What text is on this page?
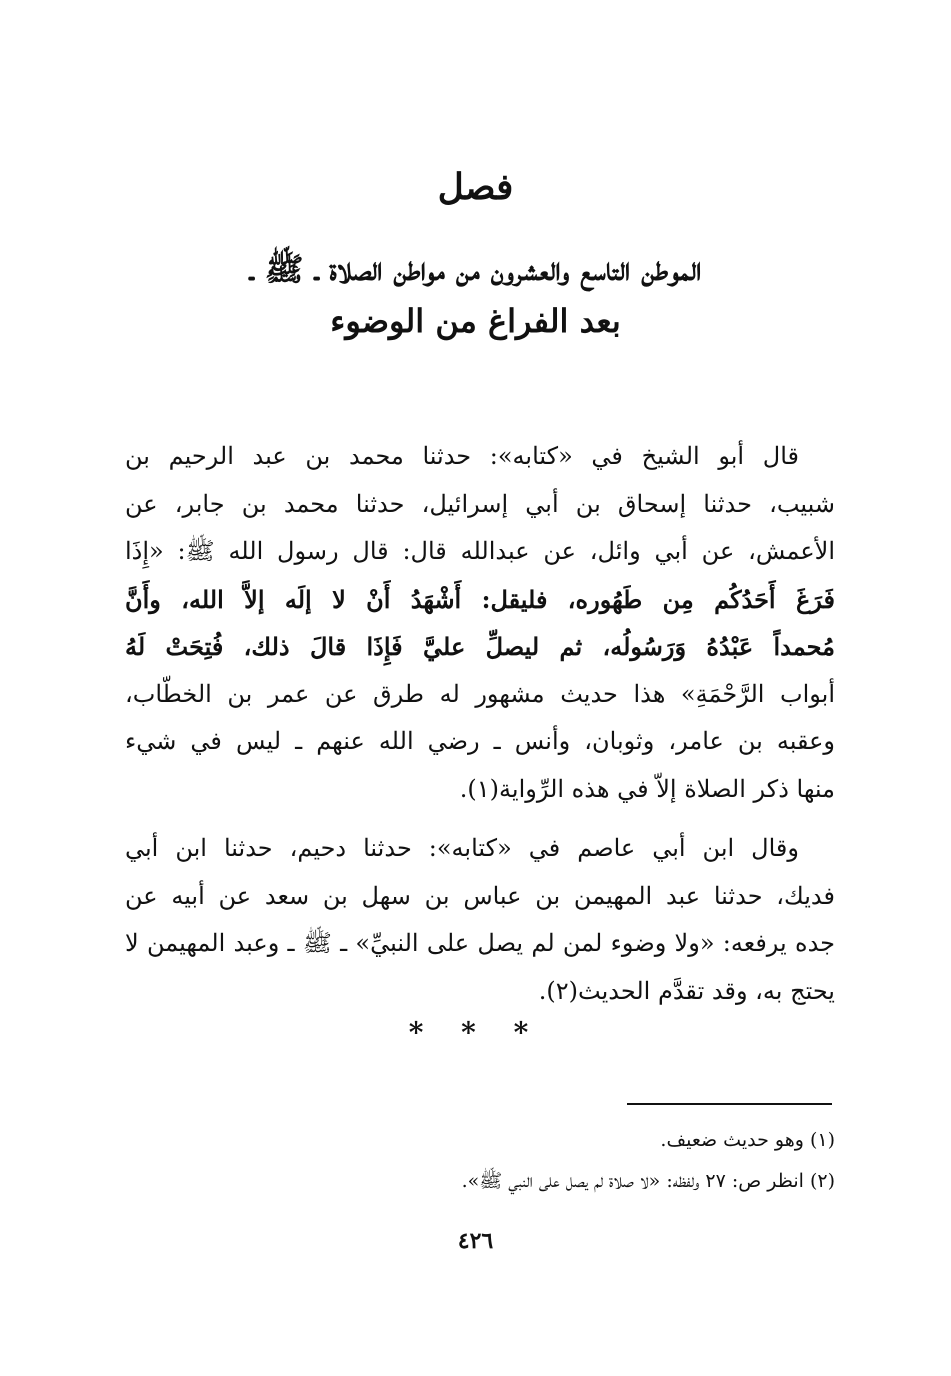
فصل
الموطن التاسع والعشرون من مواطن الصلاة ـ ﷺ ـ
بعد الفراغ من الوضوء
قال أبو الشيخ في «كتابه»: حدثنا محمد بن عبد الرحيم بن
شبيب، حدثنا إسحاق بن أبي إسرائيل، حدثنا محمد بن جابر، عن
الأعمش، عن أبي وائل، عن عبدالله قال: قال رسول الله ﷺ: «إِذَا
فَرَغَ أَحَدُكُم مِن طَهُوره، فليقل: أَشْهَدُ أَنْ لا إلَه إلاَّ الله، وأَنَّ
مُحمداً عَبْدُهُ وَرَسُولُه، ثم ليصلِّ عليَّ فَإِذَا قالَ ذلك، فُتِحَتْ لَهُ
أبواب الرَّحْمَةِ» هذا حديث مشهور له طرق عن عمر بن الخطّاب،
وعقبه بن عامر، وثوبان، وأنس ـ رضي الله عنهم ـ ليس في شيء
منها ذكر الصلاة إلاّ في هذه الرِّواية(١).
وقال ابن أبي عاصم في «كتابه»: حدثنا دحيم، حدثنا ابن أبي
فديك، حدثنا عبد المهيمن بن عباس بن سهل بن سعد عن أبيه عن
جده يرفعه: «ولا وضوء لمن لم يصل على النبيِّ» ـ ﷺ ـ وعبد المهيمن لا
يحتج به، وقد تقدَّم الحديث(٢).
* * *
(١) وهو حديث ضعيف.
(٢) انظر ص: ٢٧ ولفظه: «لا صلاة لم يصل على النبي ﷺ».
٤٢٦
